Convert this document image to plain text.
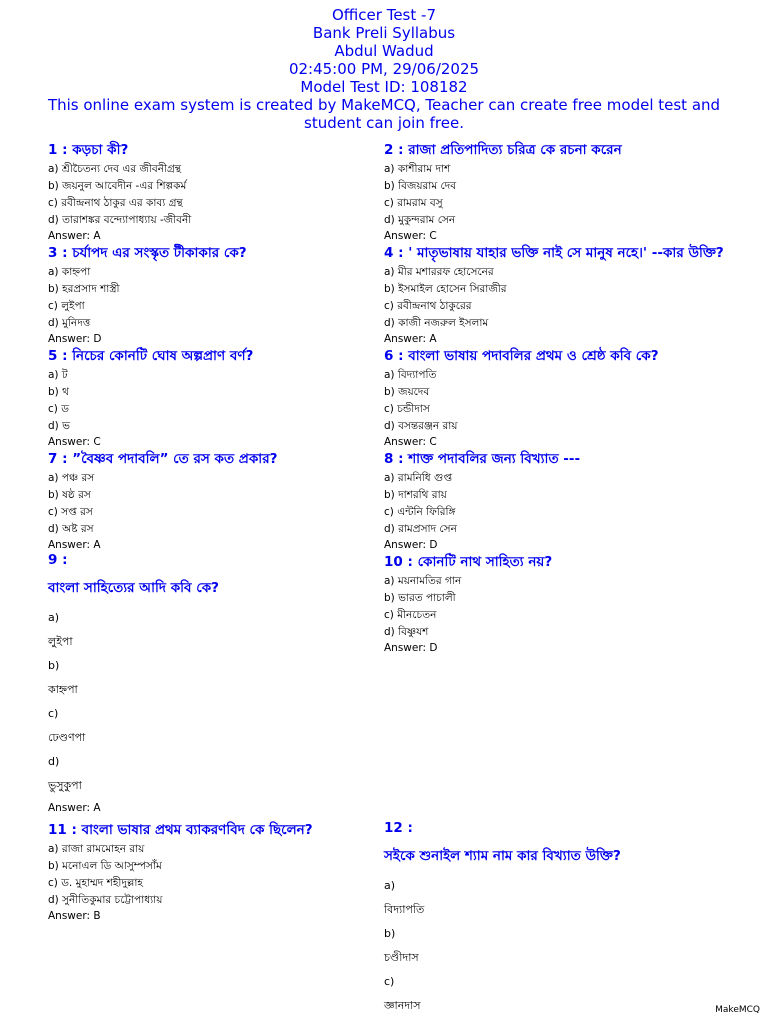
Officer Test -7
Bank Preli Syllabus
Abdul Wadud
02:45:00 PM, 29/06/2025
Model Test ID: 108182
This online exam system is created by MakeMCQ, Teacher can create free model test and student can join free.
1 : কড়চা কী?
a) শ্রীচৈতন্য দেব এর জীবনীগ্রন্থ
b) জয়নুল আবেদীন -এর শিল্পকর্ম
c) রবীন্দ্রনাথ ঠাকুর এর কাব্য গ্রন্থ
d) তারাশঙ্কর বন্দ্যোপাধ্যায় -জীবনী
Answer: A
2 : রাজা প্রতিপাদিত্য চরিত্র কে রচনা করেন
a) কাশীরাম দাশ
b) বিজয়রাম দেব
c) রামরাম বসু
d) মুকুন্দরাম সেন
Answer: C
3 : চর্যাপদ এর সংস্কৃত টীকাকার কে?
a) কাহ্নপা
b) হরপ্রসাদ শাস্ত্রী
c) লুইপা
d) মুনিদত্ত
Answer: D
4 : ' মাতৃভাষায় যাহার ভক্তি নাই সে মানুষ নহে।' --কার উক্তি?
a) মীর মশাররফ হোসেনের
b) ইসমাইল হোসেন সিরাজীর
c) রবীন্দ্রনাথ ঠাকুরের
d) কাজী নজরুল ইসলাম
Answer: A
5 : নিচের কোনটি ঘোষ অল্পপ্রাণ বর্ণ?
a) ট
b) থ
c) ড
d) ভ
Answer: C
6 : বাংলা ভাষায় পদাবলির প্রথম ও শ্রেষ্ঠ কবি কে?
a) বিদ্যাপতি
b) জয়দেব
c) চন্ডীদাস
d) বসন্তরঞ্জন রায়
Answer: C
7 : ”বৈষ্ণব পদাবলি” তে রস কত প্রকার?
a) পঞ্চ রস
b) ষষ্ঠ রস
c) সপ্ত রস
d) অষ্ট রস
Answer: A
8 : শাক্ত পদাবলির জন্য বিখ্যাত ---
a) রামনিধি গুপ্ত
b) দাশরথি রায়
c) এন্টনি ফিরিঙ্গি
d) রামপ্রসাদ সেন
Answer: D
9 :
বাংলা সাহিত্যের আদি কবি কে?
a)
লুইপা
b)
কাহ্নপা
c)
ঢেণ্ডণপা
d)
ভুসুকুপা
Answer: A
10 : কোনটি নাথ সাহিত্য নয়?
a) ময়নামতির গান
b) ভারত পাচালী
c) মীনচেতন
d) বিষ্ণুযশ
Answer: D
11 : বাংলা ভাষার প্রথম ব্যাকরণবিদ কে ছিলেন?
a) রাজা রামমোহন রায়
b) মনোএল ডি আসুম্পসাঁম
c) ড. মুহাম্মদ শহীদুল্লাহ
d) সুনীতিকুমার চট্টোপাধ্যায়
Answer: B
12 :
সইকে শুনাইল শ্যাম নাম কার বিখ্যাত উক্তি?
a)
বিদ্যাপতি
b)
চণ্ডীদাস
c)
জ্ঞানদাস	MakeMCQ
